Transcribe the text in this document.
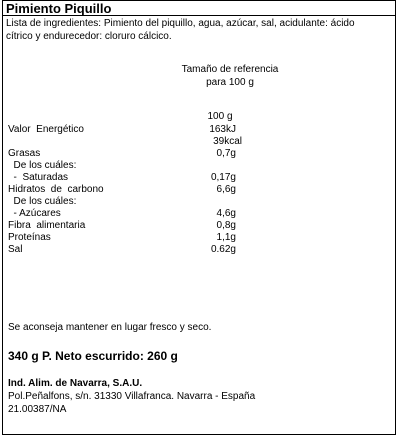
Pimiento Piquillo
Lista de ingredientes: Pimiento del piquillo, agua, azúcar, sal, acidulante: ácido
cítrico y endurecedor: cloruro cálcico.
Tamaño de referencia
para 100 g
100 g
Valor  Energético	163kJ
39kcal
Grasas	0,7g
De los cuáles:
-  Saturadas	0,17g
Hidratos  de  carbono	6,6g
De los cuáles:
- Azúcares	4,6g
Fibra  alimentaria	0,8g
Proteínas	1,1g
Sal	0.62g
Se aconseja mantener en lugar fresco y seco.
340 g P. Neto escurrido: 260 g
Ind. Alim. de Navarra, S.A.U.
Pol.Peñalfons, s/n. 31330 Villafranca. Navarra - España
21.00387/NA
